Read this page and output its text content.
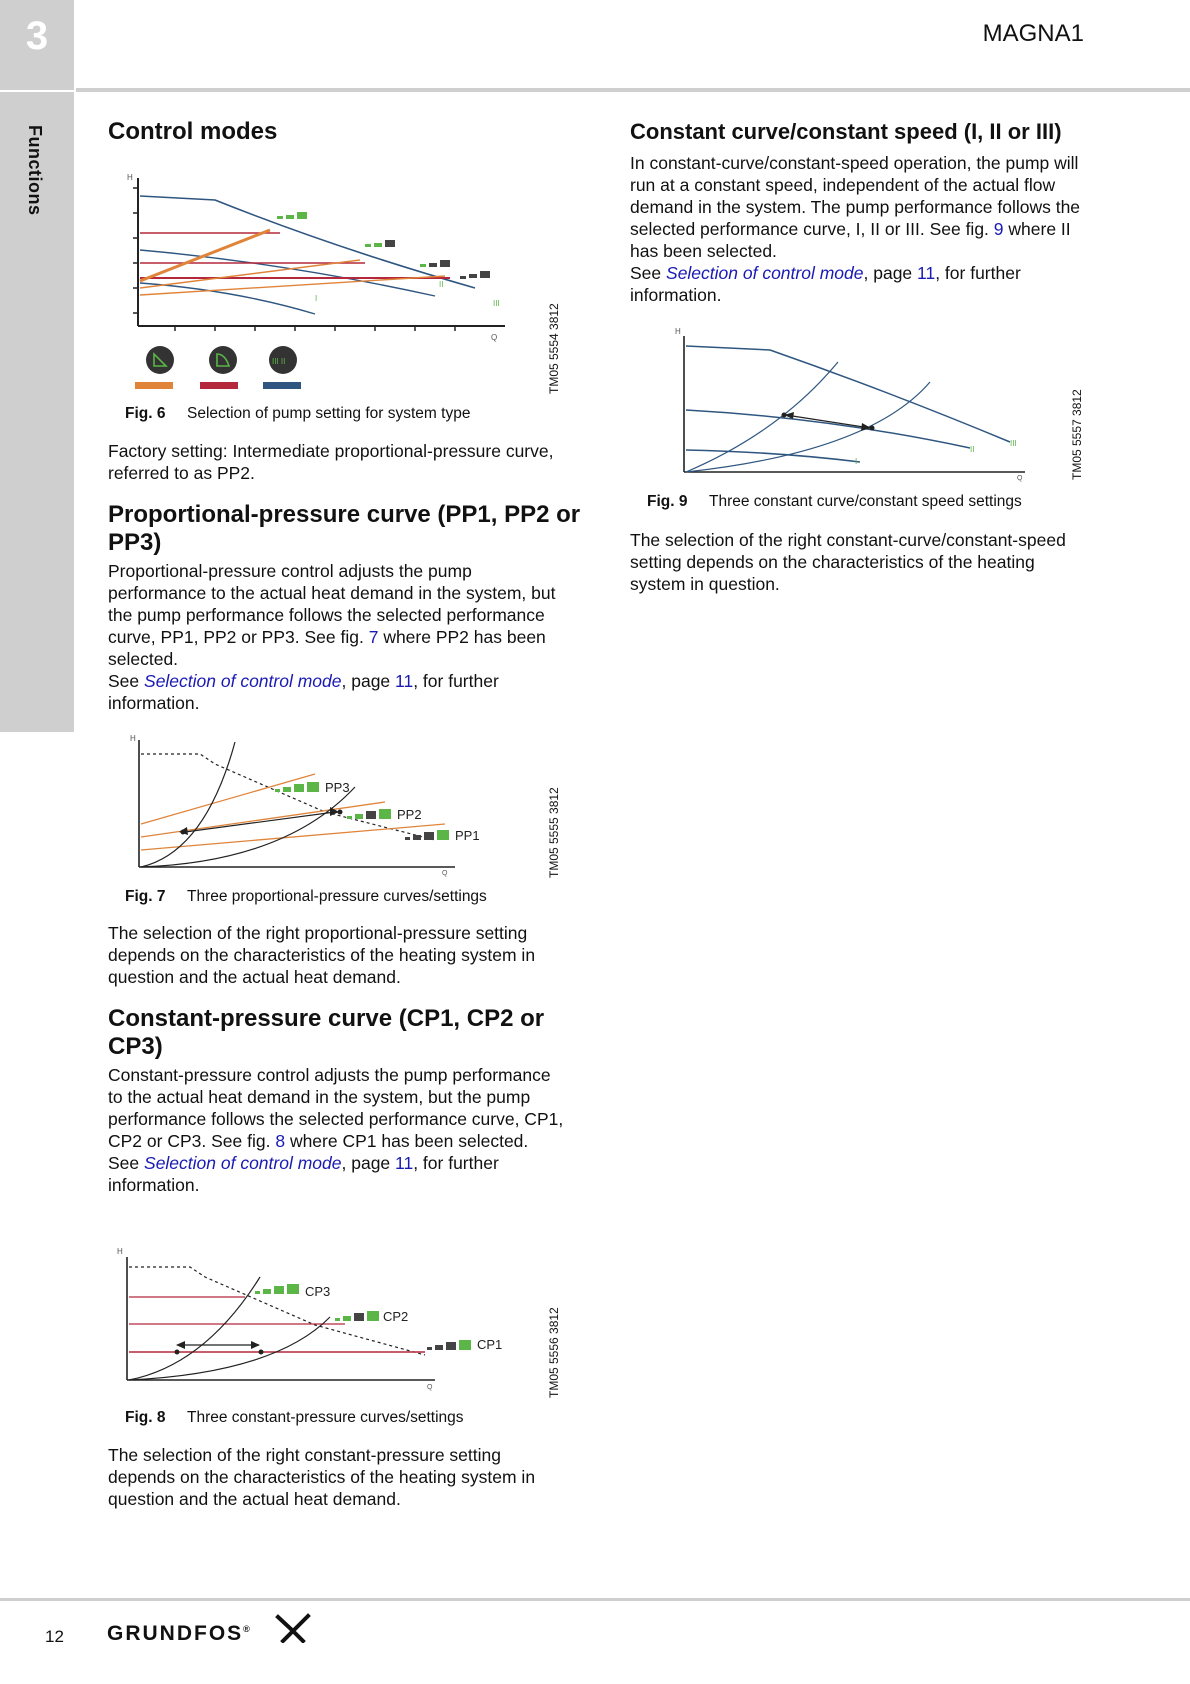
3	MAGNA1
Functions	Control modes
H
Q
I
II
III
III II	TM05 5554 3812
Fig. 6 Selection of pump setting for system type

Factory setting: Intermediate proportional-pressure curve, referred to as PP2.

Proportional-pressure curve (PP1, PP2 or PP3)

Proportional-pressure control adjusts the pump performance to the actual heat demand in the system, but the pump performance follows the selected performance curve, PP1, PP2 or PP3. See fig. 7 where PP2 has been selected.
See Selection of control mode, page 11, for further information.

H
Q
PP3
PP2
PP1	TM05 5555 3812
Fig. 7 Three proportional-pressure curves/settings

The selection of the right proportional-pressure setting depends on the characteristics of the heating system in question and the actual heat demand.

Constant-pressure curve (CP1, CP2 or CP3)

Constant-pressure control adjusts the pump performance to the actual heat demand in the system, but the pump performance follows the selected performance curve, CP1, CP2 or CP3. See fig. 8 where CP1 has been selected.
See Selection of control mode, page 11, for further information.

H
Q
CP3
CP2
CP1	TM05 5556 3812
Fig. 8 Three constant-pressure curves/settings

The selection of the right constant-pressure setting depends on the characteristics of the heating system in question and the actual heat demand.

Constant curve/constant speed (I, II or III)

In constant-curve/constant-speed operation, the pump will run at a constant speed, independent of the actual flow demand in the system. The pump performance follows the selected performance curve, I, II or III. See fig. 9 where II has been selected.
See Selection of control mode, page 11, for further information.

H
Q
I
II
III	TM05 5557 3812
Fig. 9 Three constant curve/constant speed settings

The selection of the right constant-curve/constant-speed setting depends on the characteristics of the heating system in question.

12 GRUNDFOS®
